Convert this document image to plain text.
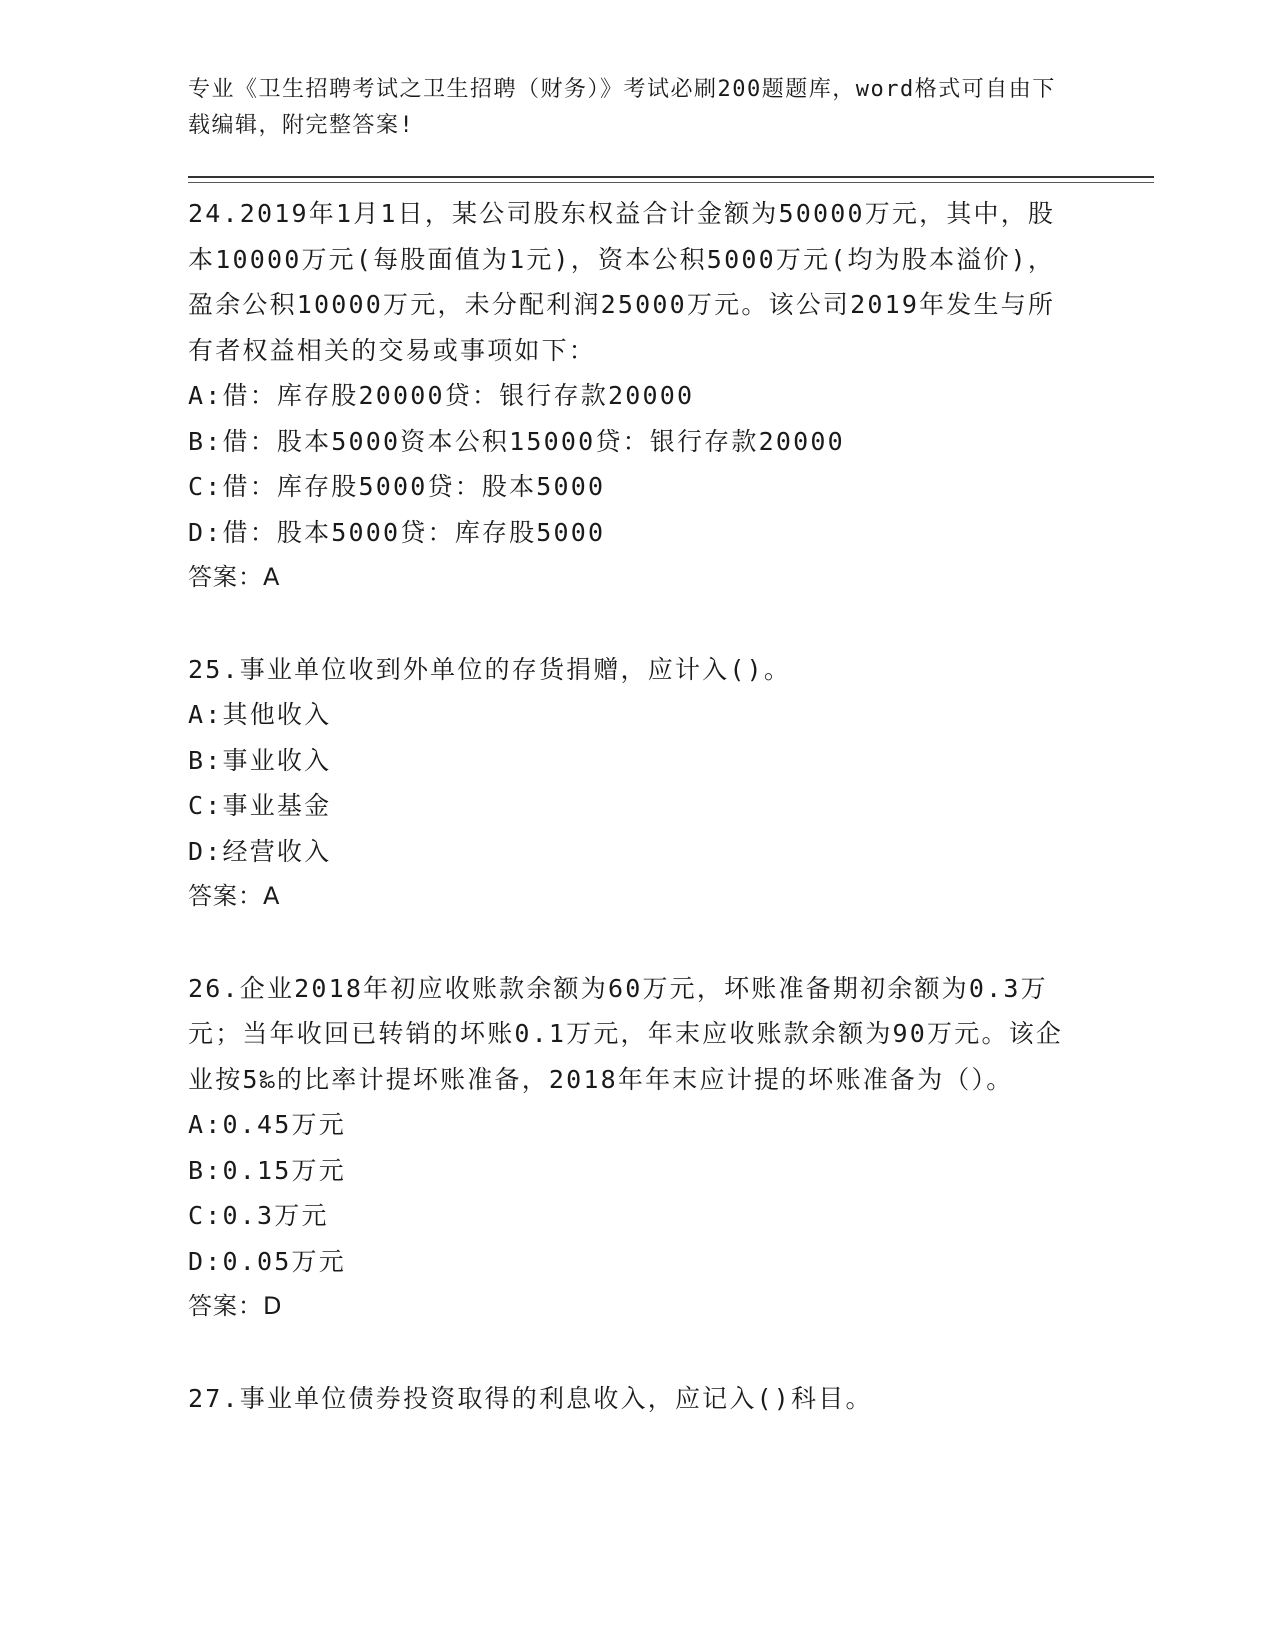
专业《卫生招聘考试之卫生招聘（财务）》考试必刷200题题库，word格式可自由下载编辑，附完整答案!
24.2019年1月1日，某公司股东权益合计金额为50000万元，其中，股本10000万元(每股面值为1元)，资本公积5000万元(均为股本溢价)，盈余公积10000万元，未分配利润25000万元。该公司2019年发生与所有者权益相关的交易或事项如下：
A:借：库存股20000贷：银行存款20000
B:借：股本5000资本公积15000贷：银行存款20000
C:借：库存股5000贷：股本5000
D:借：股本5000贷：库存股5000
答案：A
25.事业单位收到外单位的存货捐赠，应计入()。
A:其他收入
B:事业收入
C:事业基金
D:经营收入
答案：A
26.企业2018年初应收账款余额为60万元，坏账准备期初余额为0.3万元；当年收回已转销的坏账0.1万元，年末应收账款余额为90万元。该企业按5‰的比率计提坏账准备，2018年年末应计提的坏账准备为（）。
A:0.45万元
B:0.15万元
C:0.3万元
D:0.05万元
答案：D
27.事业单位债券投资取得的利息收入，应记入()科目。
